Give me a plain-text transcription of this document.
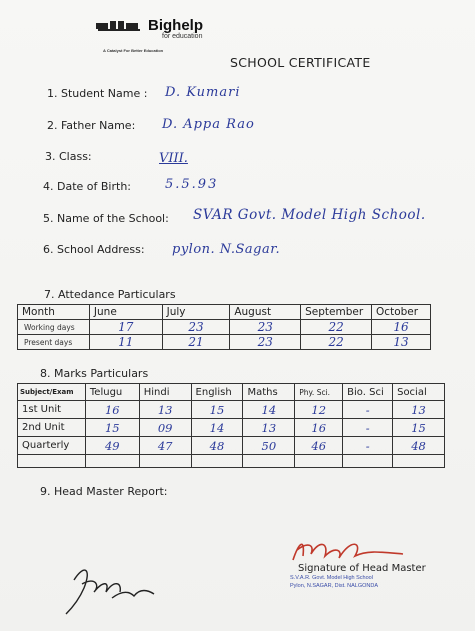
Bighelp
for education
A Catalyst For Better Education
SCHOOL CERTIFICATE
1. Student Name : D. Kumari
2. Father Name: D. Appa Rao
3. Class:	VIII.
4. Date of Birth:	5.5.93
5. Name of the School: SVAR Govt. Model High School.
6. School Address: pylon. N.Sagar.
7. Attedance Particulars
Month	June	July	August	September	October
Working days	17	23	23	22	16
Present days	11	21	23	22	13
8. Marks Particulars
Subject/Exam	Telugu	Hindi	English	Maths	Phy. Sci.	Bio. Sci	Social
1st Unit	16	13	15	14	12	-	13
2nd Unit	15	09	14	13	16	-	15
Quarterly	49	47	48	50	46	-	48

9. Head Master Report:
Signature of Head Master
S.V.A.R. Govt. Model High School
Pylon, N.SAGAR, Dist. NALGONDA
